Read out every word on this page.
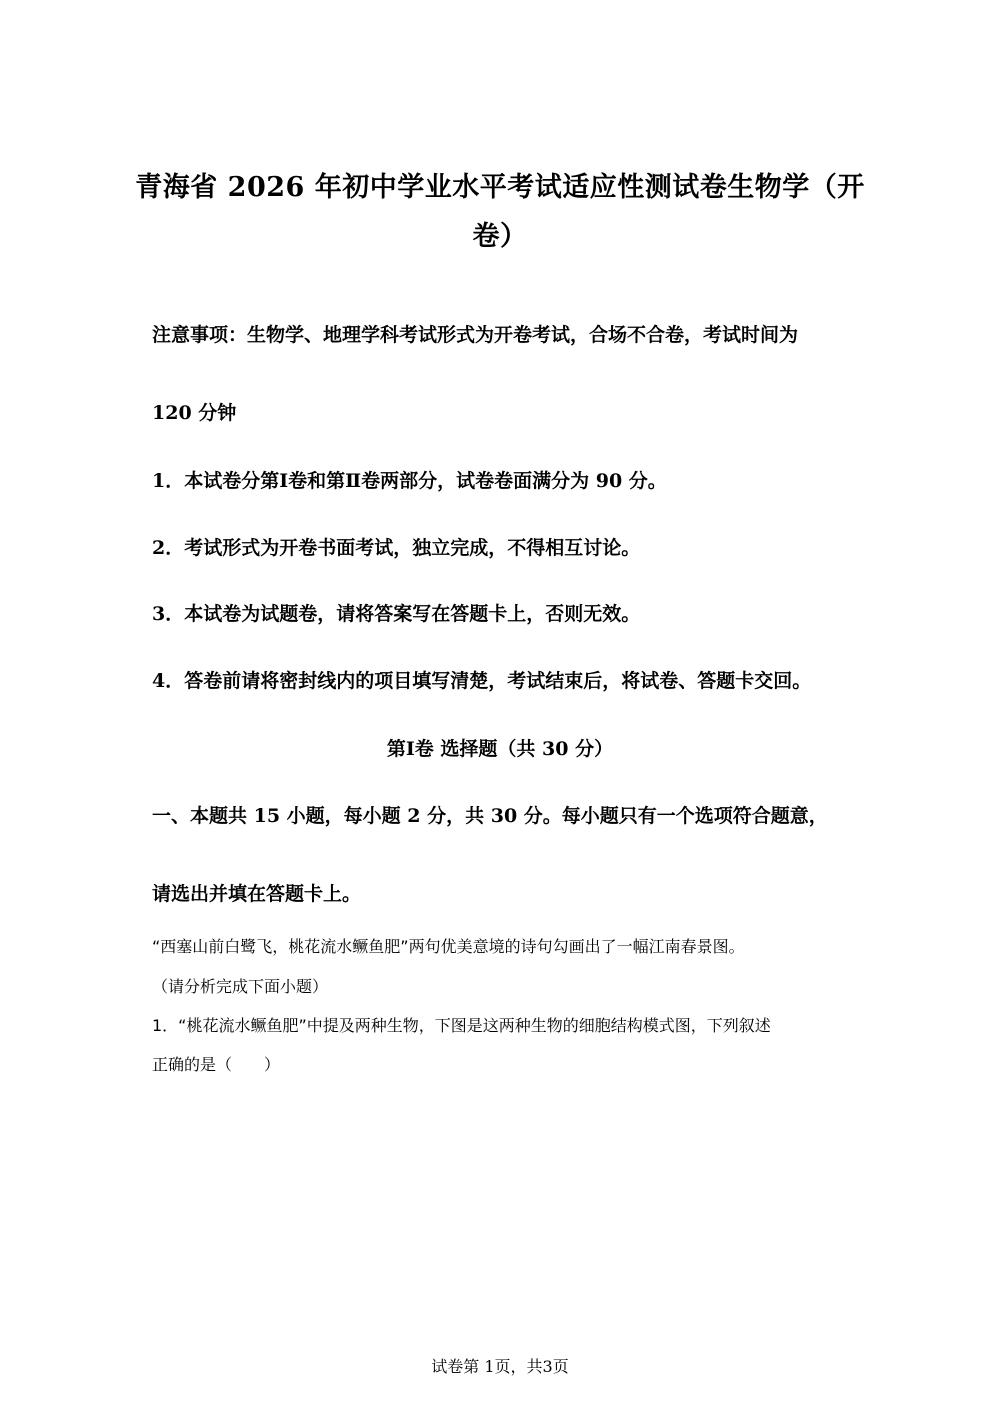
青海省 2026 年初中学业水平考试适应性测试卷生物学（开
卷）
注意事项：生物学、地理学科考试形式为开卷考试，合场不合卷，考试时间为
120 分钟
1．本试卷分第Ⅰ卷和第Ⅱ卷两部分，试卷卷面满分为 90 分。
2．考试形式为开卷书面考试，独立完成，不得相互讨论。
3．本试卷为试题卷，请将答案写在答题卡上，否则无效。
4．答卷前请将密封线内的项目填写清楚，考试结束后，将试卷、答题卡交回。
第Ⅰ卷 选择题（共 30 分）
一、本题共 15 小题，每小题 2 分，共 30 分。每小题只有一个选项符合题意，
请选出并填在答题卡上。
“西塞山前白鹭飞，桃花流水鳜鱼肥”两句优美意境的诗句勾画出了一幅江南春景图。
（请分析完成下面小题）
1．“桃花流水鳜鱼肥”中提及两种生物，下图是这两种生物的细胞结构模式图，下列叙述
正确的是（　　）
试卷第 1页，共3页
